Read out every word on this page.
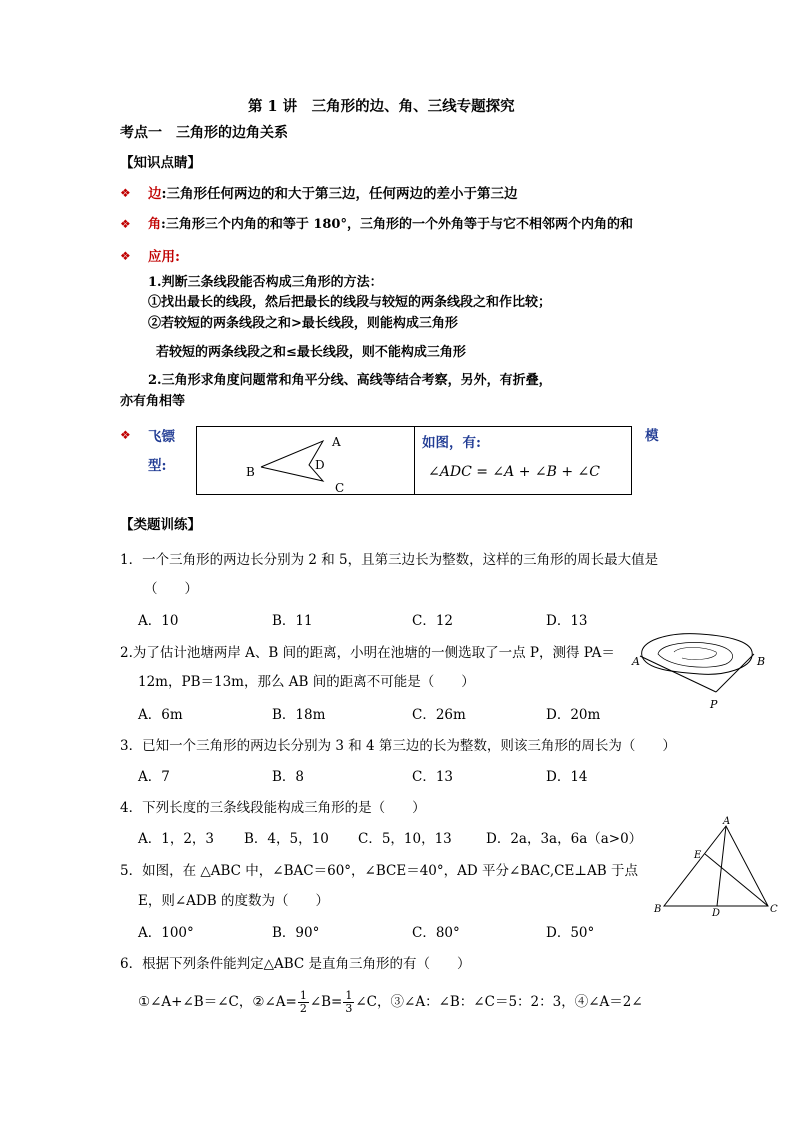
第 1 讲　三角形的边、角、三线专题探究
考点一　三角形的边角关系
【知识点睛】
❖ 边:三角形任何两边的和大于第三边，任何两边的差小于第三边
❖ 角:三角形三个内角的和等于 180°，三角形的一个外角等于与它不相邻两个内角的和
❖ 应用:
1.判断三条线段能否构成三角形的方法：
①找出最长的线段，然后把最长的线段与较短的两条线段之和作比较；
②若较短的两条线段之和>最长线段，则能构成三角形
若较短的两条线段之和≤最长线段，则不能构成三角形
2.三角形求角度问题常和角平分线、高线等结合考察，另外，有折叠，
亦有角相等
❖ 飞镖
型:
模
A
B
C
D
如图，有:
∠ADC = ∠A + ∠B + ∠C
【类题训练】
1．一个三角形的两边长分别为 2 和 5，且第三边长为整数，这样的三角形的周长最大值是
（　　）
A．10	B．11	C．12	D．13
2.为了估计池塘两岸 A、B 间的距离，小明在池塘的一侧选取了一点 P，测得 PA＝
12m，PB＝13m，那么 AB 间的距离不可能是（　　）
A．6m	B．18m	C．26m	D．20m
A	B
P
3．已知一个三角形的两边长分别为 3 和 4 第三边的长为整数，则该三角形的周长为（　　）
A．7	B．8	C．13	D．14
4．下列长度的三条线段能构成三角形的是（　　）
A．1，2，3 B．4，5，10 C．5，10，13	D．2a，3a，6a（a>0）
5．如图，在 △ABC 中，∠BAC＝60°，∠BCE＝40°，AD 平分∠BAC,CE⊥AB 于点
E，则∠ADB 的度数为（　　）
A．100°	B．90°	C．80°	D．50°
A
B	C
D
E
6．根据下列条件能判定△ABC 是直角三角形的有（　　）
①∠A+∠B＝∠C，②∠A= $\frac{1}{2}$ ∠B= $\frac{1}{3}$ ∠C，③∠A：∠B：∠C＝5：2：3，④∠A＝2∠
